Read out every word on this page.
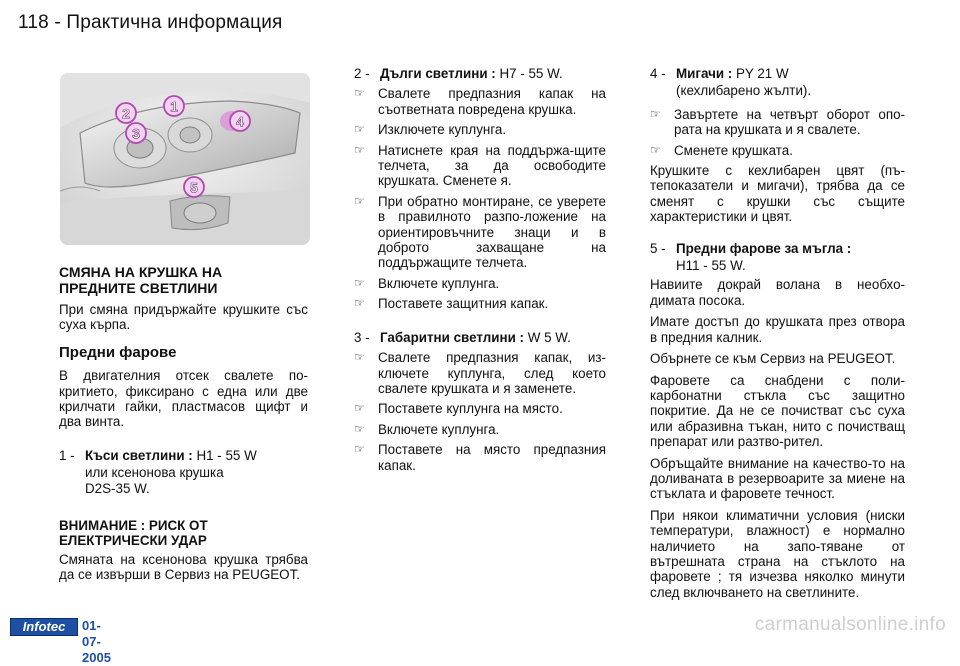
118 - Практична информация
1
2
3
4
5
СМЯНА НА КРУШКА НА
ПРЕДНИТЕ СВЕТЛИНИ

При смяна придържайте крушките със суха кърпа.

Предни фарове

В двигателния отсек свалете по-критието, фиксирано с една или две крилчати гайки, пластмасов щифт и два винта.

1 - Къси светлини : H1 - 55 W
или ксенонова крушка
D2S-35 W.
ВНИМАНИЕ : РИСК ОТ
ЕЛЕКТРИЧЕСКИ УДАР

Смяната на ксенонова крушка трябва да се извърши в Сервиз на PEUGEOT.

2 - Дълги светлини : H7 - 55 W.
☞ Свалете предпазния капак на съответната повредена крушка.
☞ Изключете куплунга.
☞ Натиснете края на поддържа-щите телчета, за да освободите крушката. Сменете я.
☞ При обратно монтиране, се уверете в правилното разпо-ложение на ориентировъчните знаци и в доброто захващане на поддържащите телчета.
☞ Включете куплунга.
☞ Поставете защитния капак.
3 - Габаритни светлини : W 5 W.
☞ Свалете предпазния капак, из-ключете куплунга, след което свалете крушката и я заменете.
☞ Поставете куплунга на място.
☞ Включете куплунга.
☞ Поставете на място предпазния капак.
4 - Мигачи : PY 21 W
(кехлибарено жълти).
☞ Завъртете на четвърт оборот опо-рата на крушката и я свалете.
☞ Сменете крушката.

Крушките с кехлибарен цвят (пъ-тепоказатели и мигачи), трябва да се сменят с крушки със същите характеристики и цвят.

5 - Предни фарове за мъгла :
H11 - 55 W.

Навиите докрай волана в необхо-димата посока.

Имате достъп до крушката през отвора в предния калник.

Обърнете се към Сервиз на PEUGEOT.

Фаровете са снабдени с поли-карбонатни стъкла със защитно покритие. Да не се почистват със суха или абразивна тъкан, нито с почистващ препарат или разтво-рител.

Обръщайте внимание на качество-то на доливаната в резервоарите за миене на стъклата и фаровете течност.

При някои климатични условия (ниски температури, влажност) е нормално наличието на запо-тяване от вътрешната страна на стъклото на фаровете ; тя изчезва няколко минути след включването на светлините.

Infotec	01-07-2005
carmanualsonline.info
